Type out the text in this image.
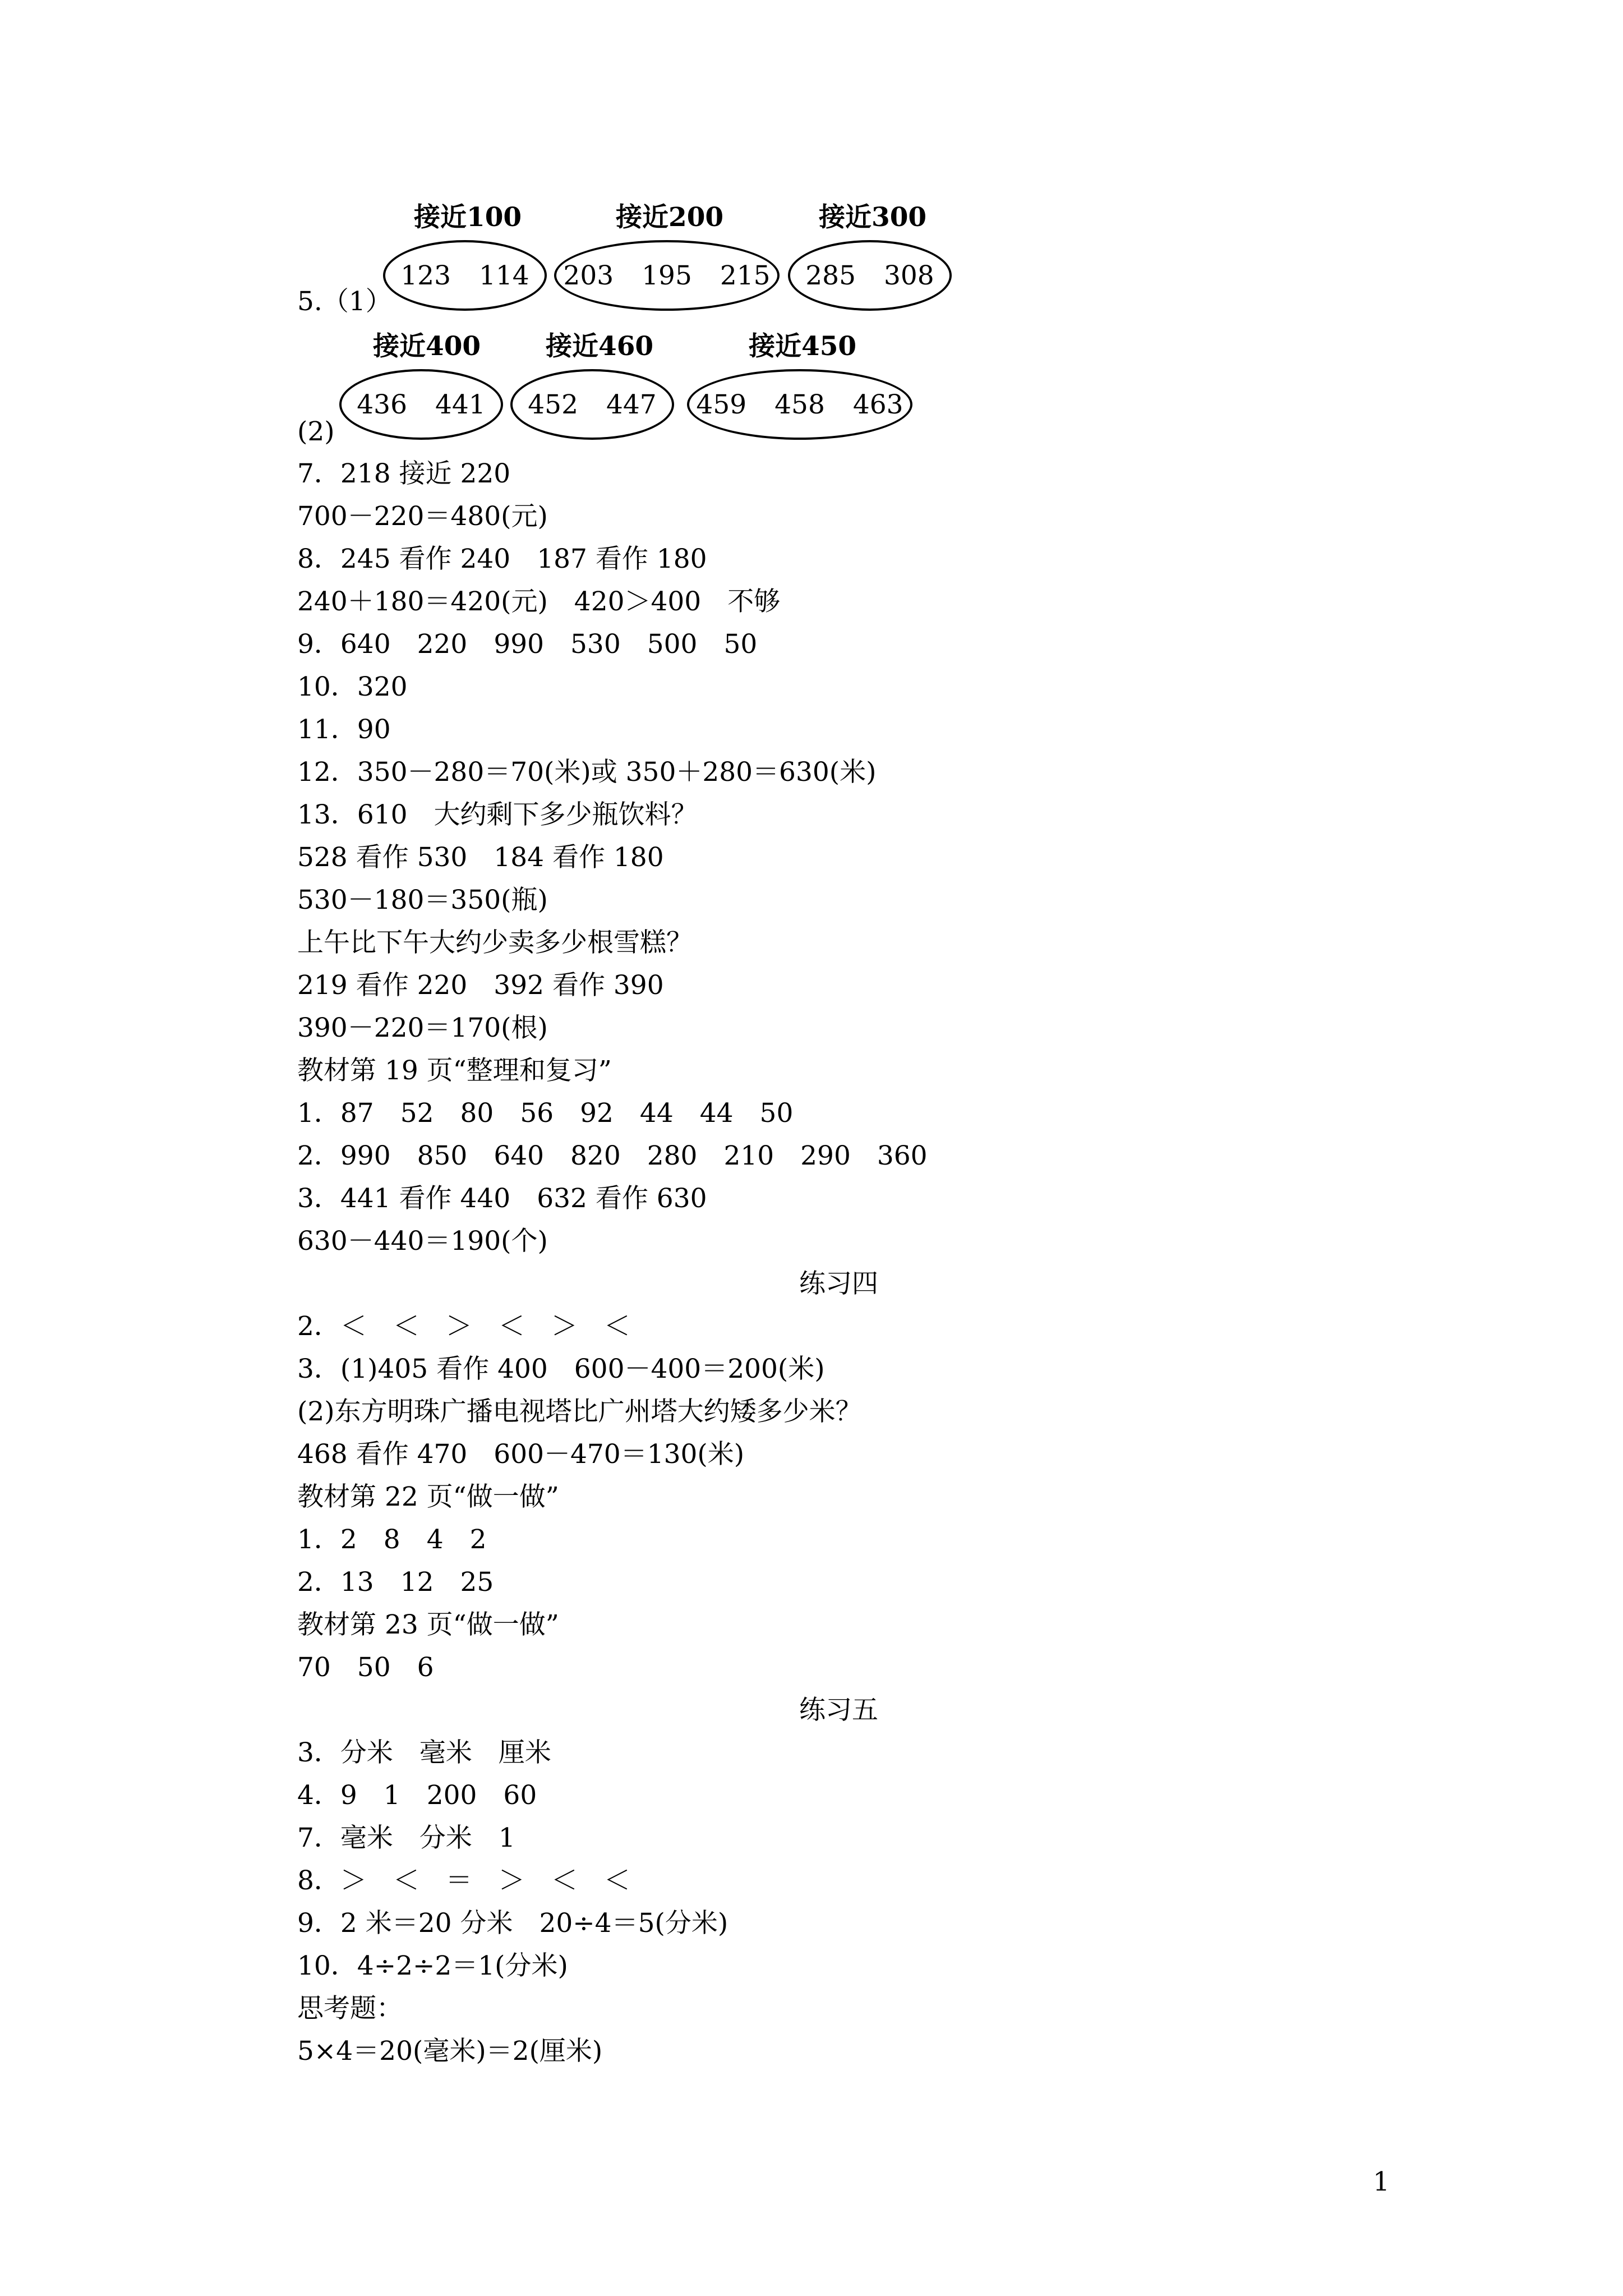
接近100
123 114
接近200
203 195 215
接近300
285 308
5.（1）
接近400
436 441
接近460
452 447
接近450
459 458 463
(2)
7．218 接近 220
700－220＝480(元)
8．245 看作 240　187 看作 180
240＋180＝420(元)　420＞400　不够
9．640　220　990　530　500　50
10．320
11．90
12．350－280＝70(米)或 350＋280＝630(米)
13．610　大约剩下多少瓶饮料？
528 看作 530　184 看作 180
530－180＝350(瓶)
上午比下午大约少卖多少根雪糕？
219 看作 220　392 看作 390
390－220＝170(根)
教材第 19 页“整理和复习”
1．87　52　80　56　92　44　44　50
2．990　850　640　820　280　210　290　360
3．441 看作 440　632 看作 630
630－440＝190(个)
练习四
2．＜　＜　＞　＜　＞　＜
3．(1)405 看作 400　600－400＝200(米)
(2)东方明珠广播电视塔比广州塔大约矮多少米？
468 看作 470　600－470＝130(米)
教材第 22 页“做一做”
1．2　8　4　2
2．13　12　25
教材第 23 页“做一做”
70　50　6
练习五
3．分米　毫米　厘米
4．9　1　200　60
7．毫米　分米　1
8．＞　＜　＝　＞　＜　＜
9．2 米＝20 分米　20÷4＝5(分米)
10．4÷2÷2＝1(分米)
思考题：
5×4＝20(毫米)＝2(厘米)
1
